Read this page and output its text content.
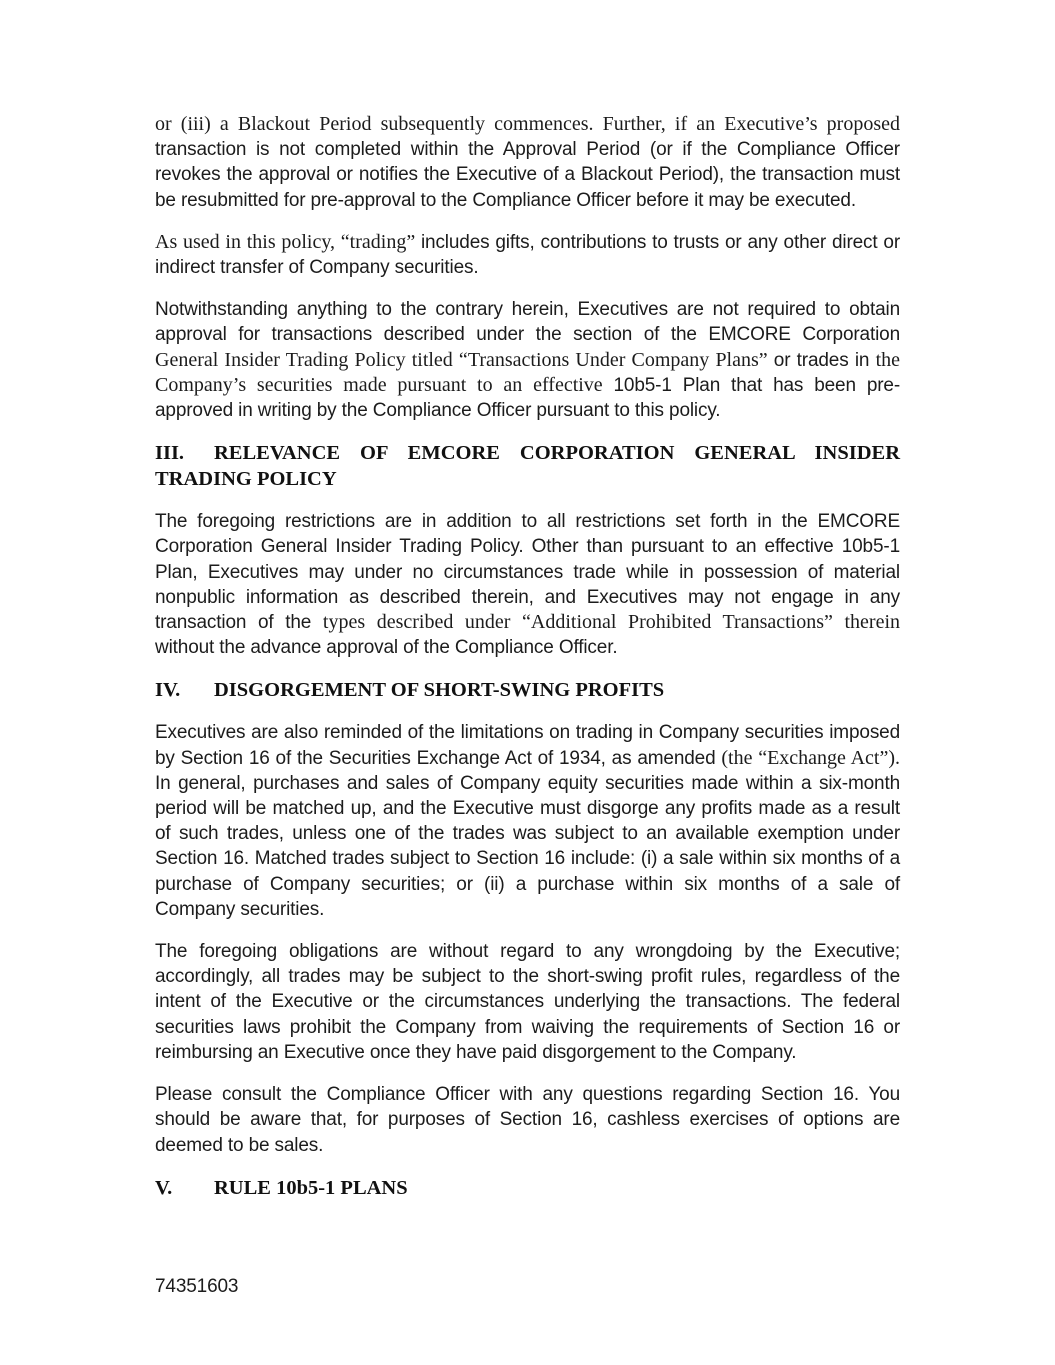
or (iii) a Blackout Period subsequently commences. Further, if an Executive’s proposed transaction is not completed within the Approval Period (or if the Compliance Officer revokes the approval or notifies the Executive of a Blackout Period), the transaction must be resubmitted for pre-approval to the Compliance Officer before it may be executed.

As used in this policy, “trading” includes gifts, contributions to trusts or any other direct or indirect transfer of Company securities.

Notwithstanding anything to the contrary herein, Executives are not required to obtain approval for transactions described under the section of the EMCORE Corporation General Insider Trading Policy titled “Transactions Under Company Plans” or trades in the Company’s securities made pursuant to an effective 10b5-1 Plan that has been pre-approved in writing by the Compliance Officer pursuant to this policy.

III. RELEVANCE OF EMCORE CORPORATION GENERAL INSIDER
TRADING POLICY

The foregoing restrictions are in addition to all restrictions set forth in the EMCORE Corporation General Insider Trading Policy. Other than pursuant to an effective 10b5-1 Plan, Executives may under no circumstances trade while in possession of material nonpublic information as described therein, and Executives may not engage in any transaction of the types described under “Additional Prohibited Transactions” therein without the advance approval of the Compliance Officer.

IV. DISGORGEMENT OF SHORT-SWING PROFITS

Executives are also reminded of the limitations on trading in Company securities imposed by Section 16 of the Securities Exchange Act of 1934, as amended (the “Exchange Act”). In general, purchases and sales of Company equity securities made within a six-month period will be matched up, and the Executive must disgorge any profits made as a result of such trades, unless one of the trades was subject to an available exemption under Section 16. Matched trades subject to Section 16 include: (i) a sale within six months of a purchase of Company securities; or (ii) a purchase within six months of a sale of Company securities.

The foregoing obligations are without regard to any wrongdoing by the Executive; accordingly, all trades may be subject to the short-swing profit rules, regardless of the intent of the Executive or the circumstances underlying the transactions. The federal securities laws prohibit the Company from waiving the requirements of Section 16 or reimbursing an Executive once they have paid disgorgement to the Company.

Please consult the Compliance Officer with any questions regarding Section 16. You should be aware that, for purposes of Section 16, cashless exercises of options are deemed to be sales.

V. RULE 10b5-1 PLANS
74351603
